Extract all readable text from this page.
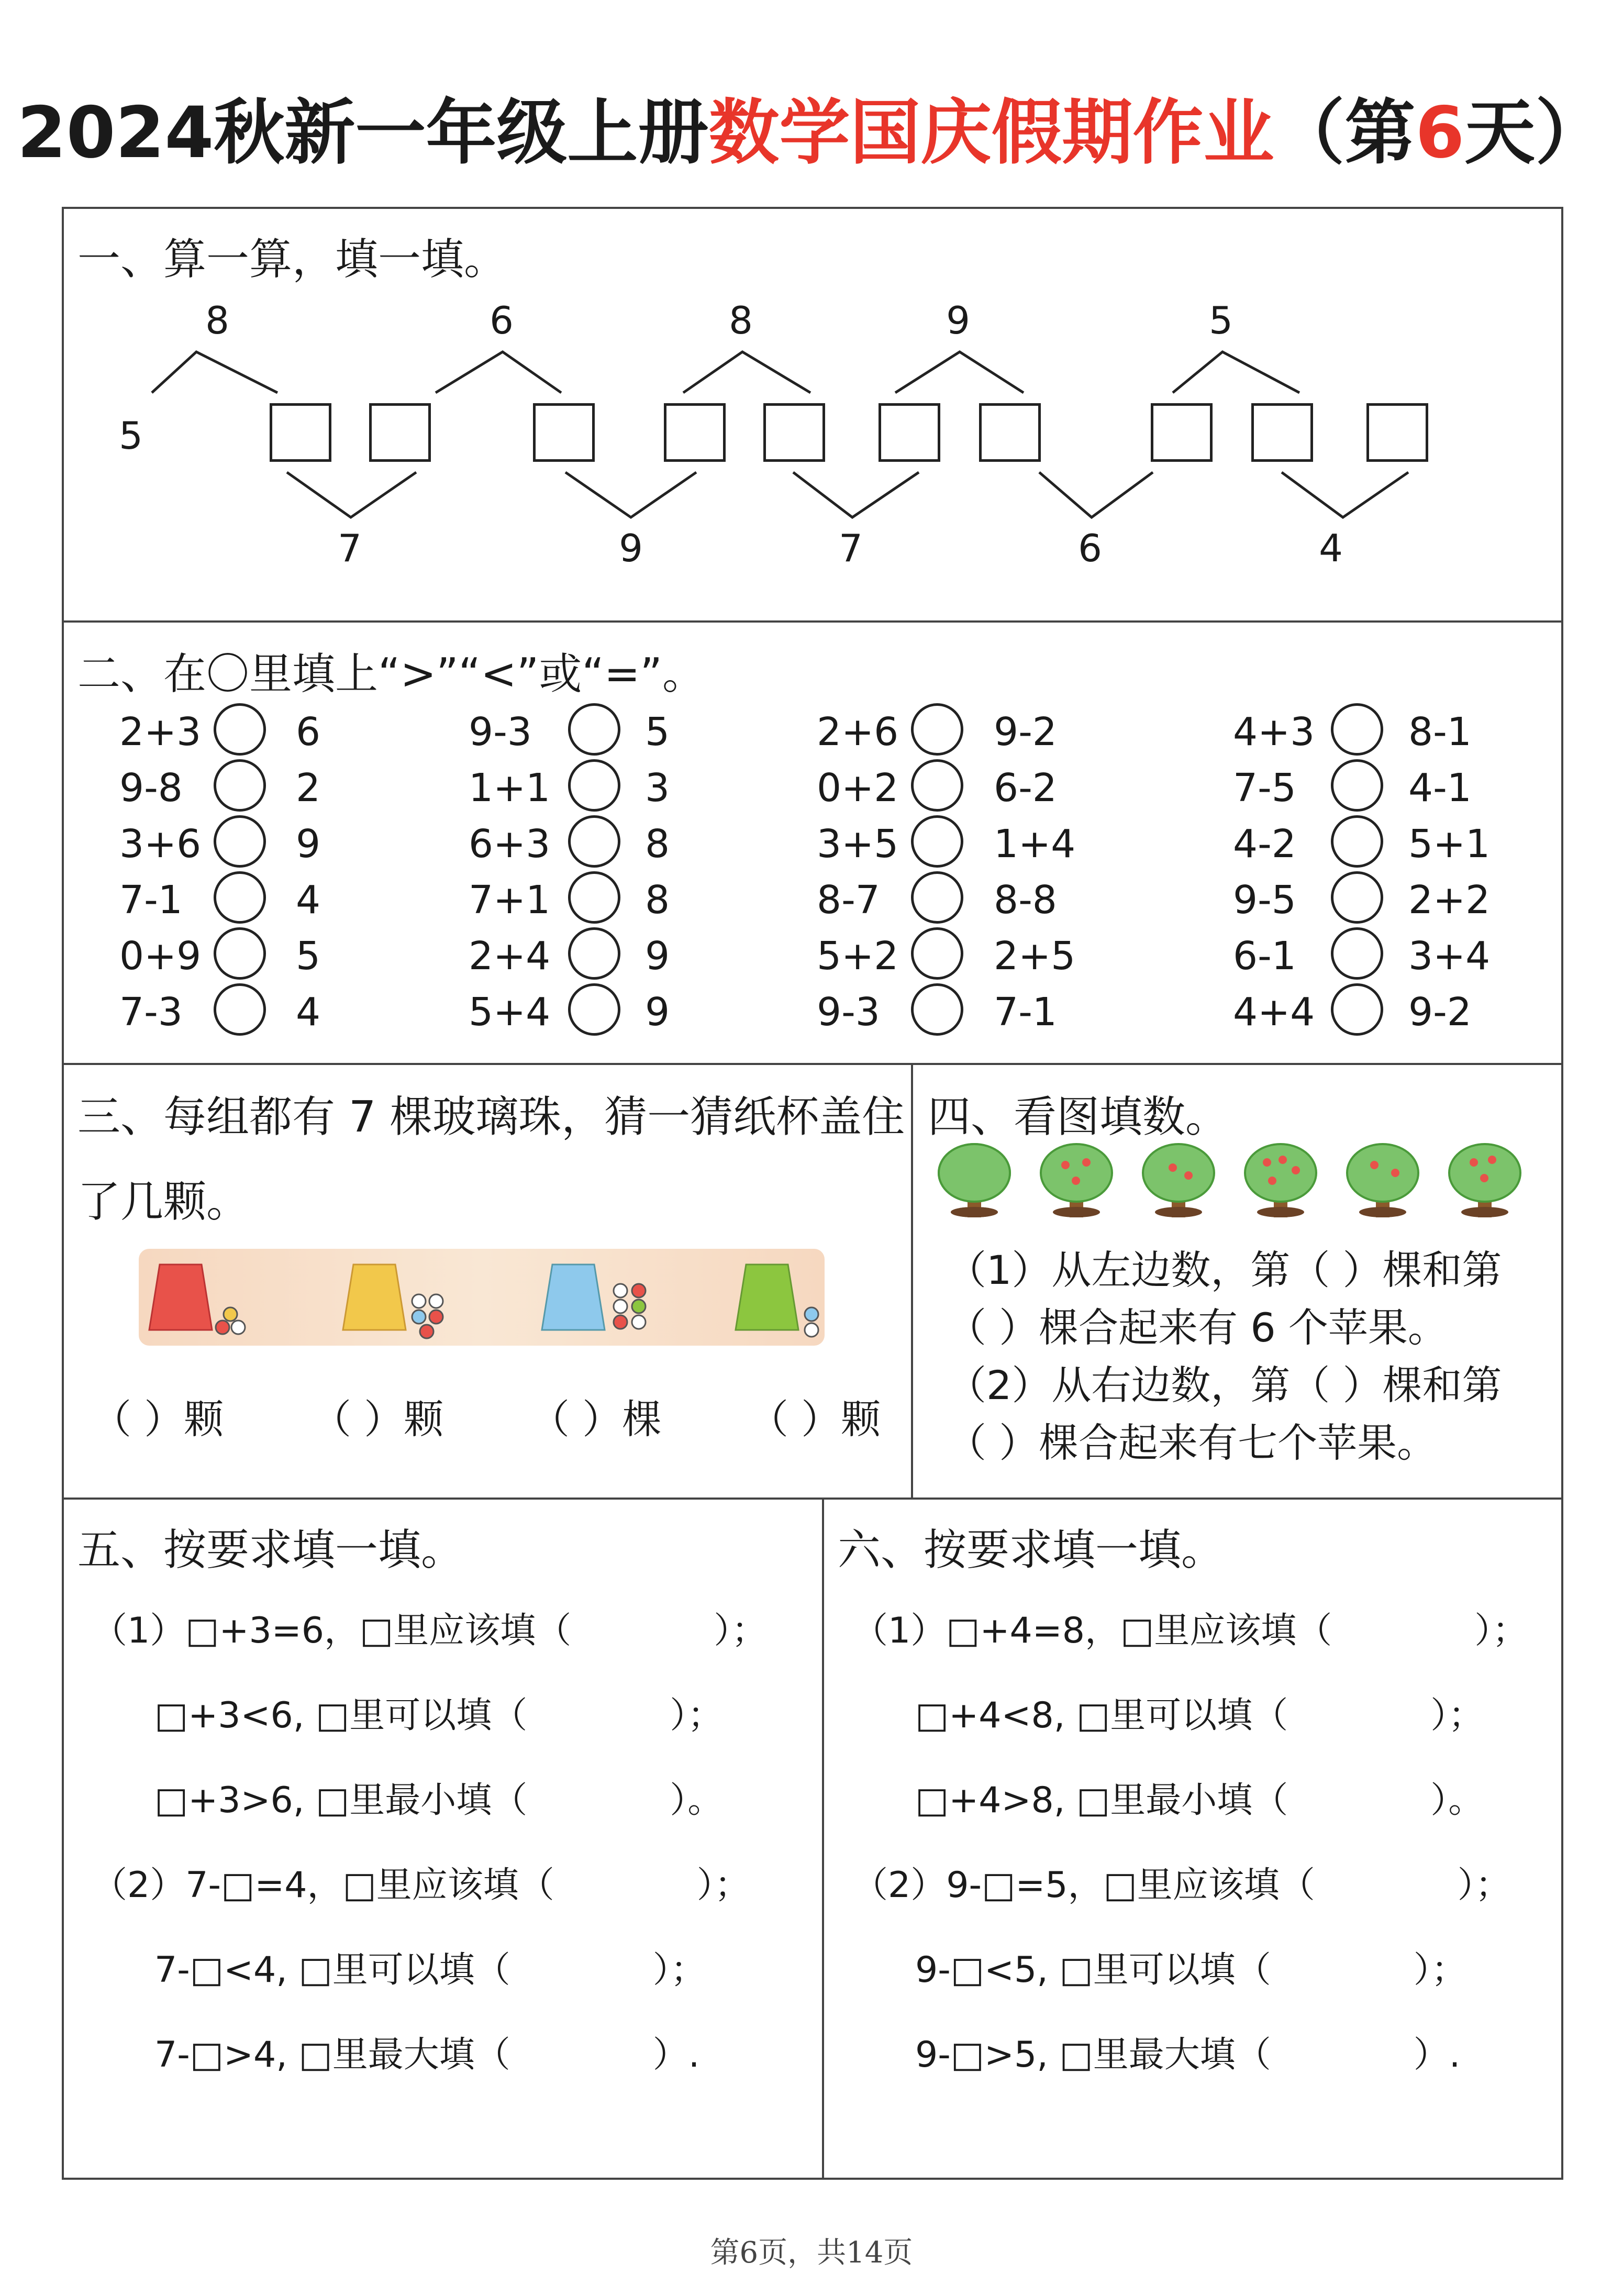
2024秋新一年级上册数学国庆假期作业（第6天）
一、算一算，填一填。
5
8	6	8	9	5
7	9	7	6	4
二、在〇里填上“>”“<”或“=”。
2+3 6
9-8	2
3+6 9
7-1	4
0+9 5
7-3	4
9-3	5
1+1 3
6+3 8
7+1 8
2+4 9
5+4 9
2+6 9-2
0+2 6-2
3+5 1+4
8-7	8-8
5+2 2+5
9-3	7-1
4+3 8-1
7-5	4-1
4-2	5+1
9-5	2+2
6-1	3+4
4+4 9-2
三、每组都有 7 棵玻璃珠，猜一猜纸杯盖住
了几颗。
（ ）颗 （ ）颗 （ ）棵 （ ）颗
四、看图填数。
（1）从左边数，第（ ）棵和第
（ ）棵合起来有 6 个苹果。
（2）从右边数，第（ ）棵和第
（ ）棵合起来有七个苹果。
五、按要求填一填。
（1）□+3=6，□里应该填（　　　　）；
□+3<6, □里可以填（　　　　）；
□+3>6, □里最小填（　　　　）。
（2）7-□=4，□里应该填（　　　　）；
7-□<4, □里可以填（　　　　）；
7-□>4, □里最大填（　　　　）.
六、按要求填一填。
（1）□+4=8，□里应该填（　　　　）；
□+4<8, □里可以填（　　　　）；
□+4>8, □里最小填（　　　　）。
（2）9-□=5，□里应该填（　　　　）；
9-□<5, □里可以填（　　　　）；
9-□>5, □里最大填（　　　　）.
第6页，共14页
